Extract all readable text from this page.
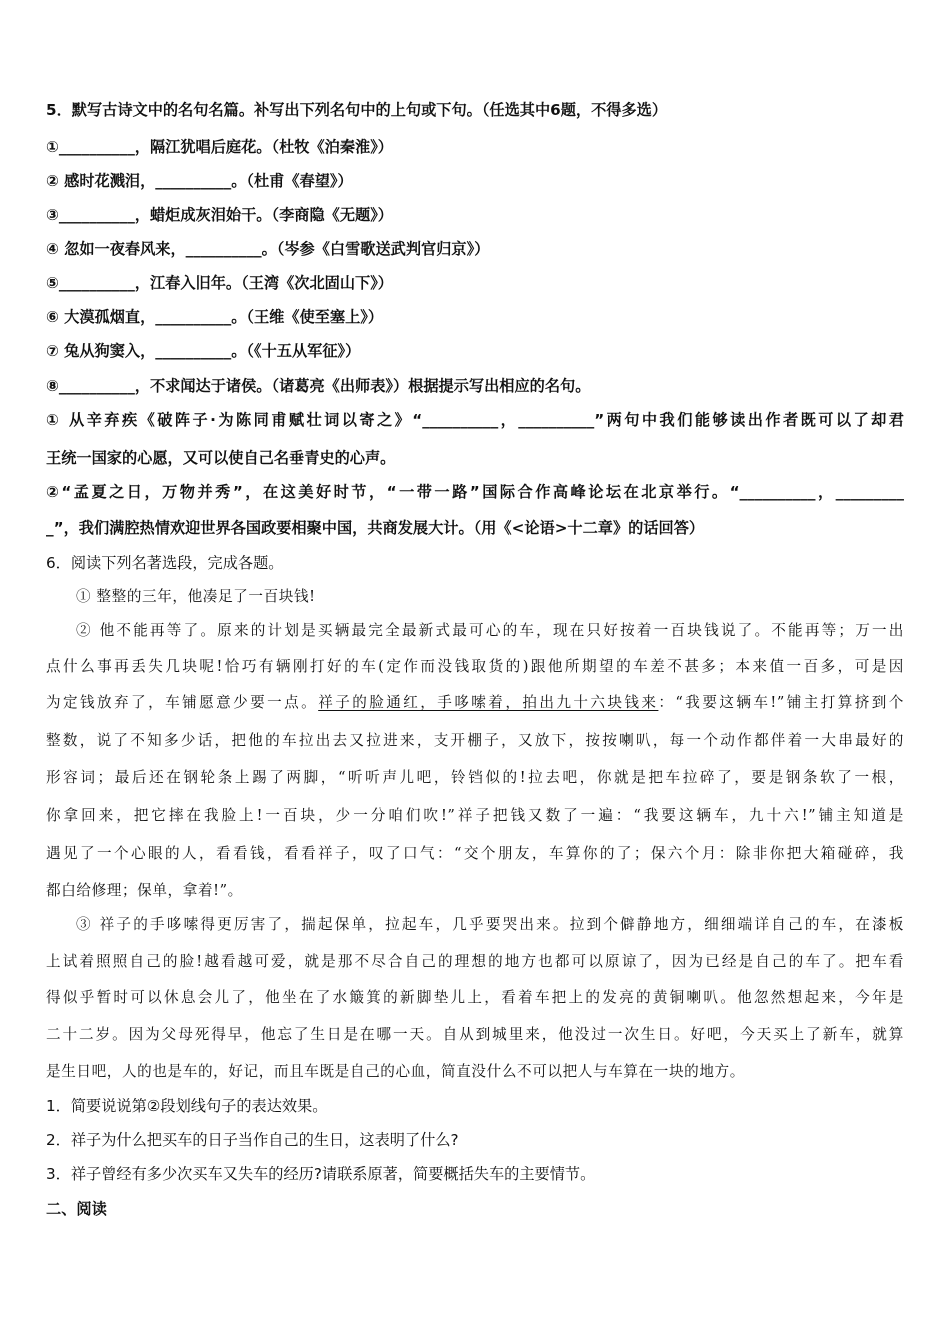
5．默写古诗文中的名句名篇。补写出下列名句中的上句或下句。（任选其中6题，不得多选）
①__________，隔江犹唱后庭花。（杜牧《泊秦淮》）
② 感时花溅泪，__________。（杜甫《春望》）
③__________，蜡炬成灰泪始干。（李商隐《无题》）
④ 忽如一夜春风来，__________。（岑参《白雪歌送武判官归京》）
⑤__________，江春入旧年。（王湾《次北固山下》）
⑥ 大漠孤烟直，__________。（王维《使至塞上》）
⑦ 兔从狗窦入，__________。（《十五从军征》）
⑧__________，不求闻达于诸侯。（诸葛亮《出师表》）根据提示写出相应的名句。
① 从辛弃疾《破阵子·为陈同甫赋壮词以寄之》“__________，__________”两句中我们能够读出作者既可以了却君
王统一国家的心愿，又可以使自己名垂青史的心声。
②“孟夏之日，万物并秀”，在这美好时节，“一带一路”国际合作高峰论坛在北京举行。“__________，_________
_”，我们满腔热情欢迎世界各国政要相聚中国，共商发展大计。（用《<论语>十二章》的话回答）
6．阅读下列名著选段，完成各题。
① 整整的三年，他凑足了一百块钱!
② 他不能再等了。原来的计划是买辆最完全最新式最可心的车，现在只好按着一百块钱说了。不能再等；万一出
点什么事再丢失几块呢!恰巧有辆刚打好的车(定作而没钱取货的)跟他所期望的车差不甚多；本来值一百多，可是因
为定钱放弃了，车铺愿意少要一点。祥子的脸通红，手哆嗦着，拍出九十六块钱来：“我要这辆车!”铺主打算挤到个
整数，说了不知多少话，把他的车拉出去又拉进来，支开棚子，又放下，按按喇叭，每一个动作都伴着一大串最好的
形容词；最后还在钢轮条上踢了两脚，“听听声儿吧，铃铛似的!拉去吧，你就是把车拉碎了，要是钢条软了一根，
你拿回来，把它摔在我脸上!一百块，少一分咱们吹!”祥子把钱又数了一遍：“我要这辆车，九十六!”铺主知道是
遇见了一个心眼的人，看看钱，看看祥子，叹了口气：“交个朋友，车算你的了；保六个月：除非你把大箱碰碎，我
都白给修理；保单，拿着!”。
③ 祥子的手哆嗦得更厉害了，揣起保单，拉起车，几乎要哭出来。拉到个僻静地方，细细端详自己的车，在漆板
上试着照照自己的脸!越看越可爱，就是那不尽合自己的理想的地方也都可以原谅了，因为已经是自己的车了。把车看
得似乎暂时可以休息会儿了，他坐在了水簸箕的新脚垫儿上，看着车把上的发亮的黄铜喇叭。他忽然想起来，今年是
二十二岁。因为父母死得早，他忘了生日是在哪一天。自从到城里来，他没过一次生日。好吧，今天买上了新车，就算
是生日吧，人的也是车的，好记，而且车既是自己的心血，简直没什么不可以把人与车算在一块的地方。
1．简要说说第②段划线句子的表达效果。
2．祥子为什么把买车的日子当作自己的生日，这表明了什么?
3．祥子曾经有多少次买车又失车的经历?请联系原著，简要概括失车的主要情节。
二、阅读
